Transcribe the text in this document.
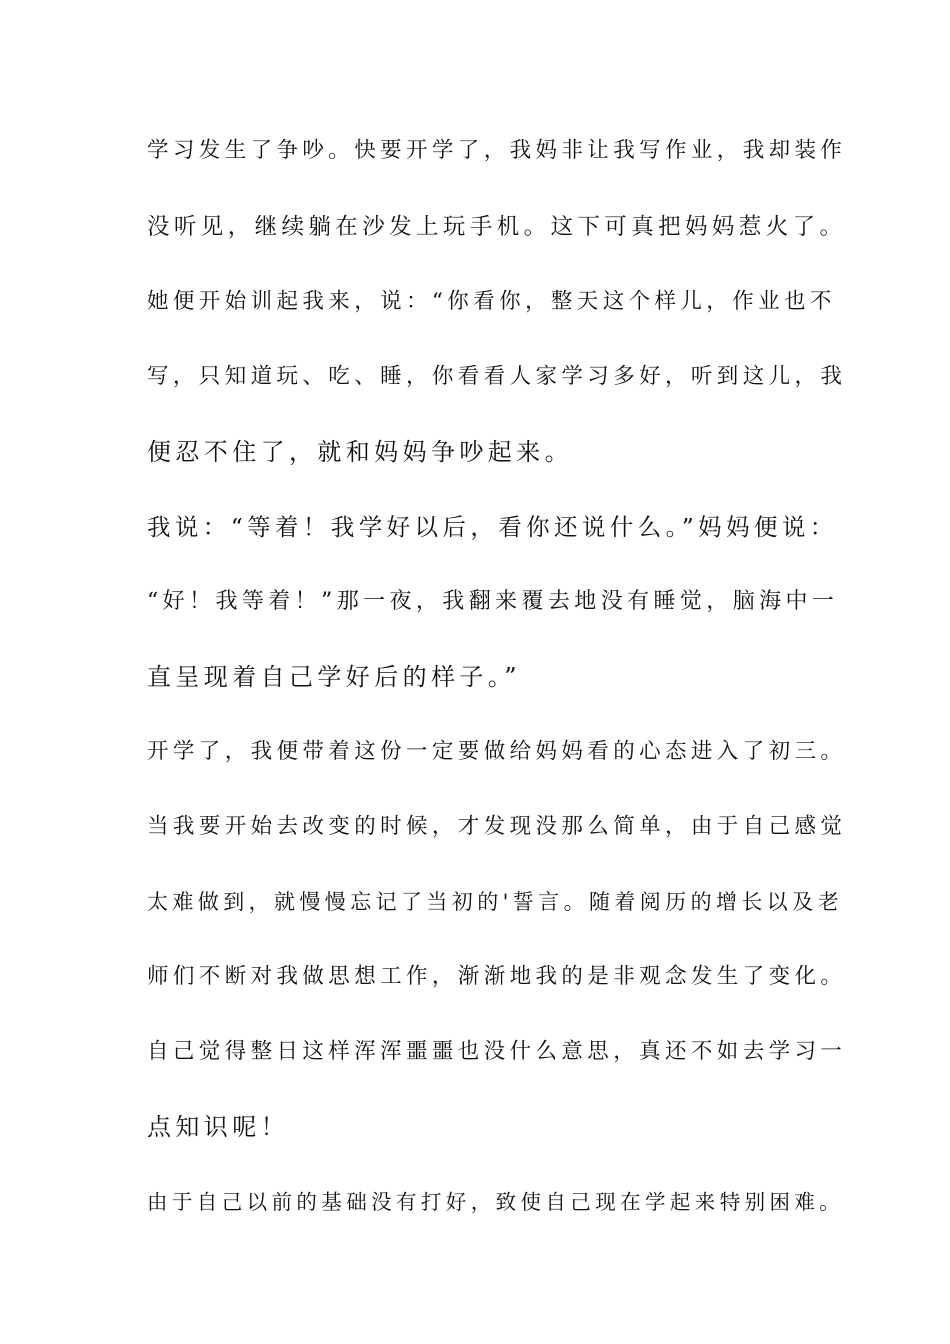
学习发生了争吵。快要开学了，我妈非让我写作业，我却装作
没听见，继续躺在沙发上玩手机。这下可真把妈妈惹火了。
她便开始训起我来，说：“你看你，整天这个样儿，作业也不
写，只知道玩、吃、睡，你看看人家学习多好，听到这儿，我
便忍不住了，就和妈妈争吵起来。
我说：“等着！我学好以后，看你还说什么。”妈妈便说：
“好！我等着！”那一夜，我翻来覆去地没有睡觉，脑海中一
直呈现着自己学好后的样子。”
开学了，我便带着这份一定要做给妈妈看的心态进入了初三。
当我要开始去改变的时候，才发现没那么简单，由于自己感觉
太难做到，就慢慢忘记了当初的'誓言。随着阅历的增长以及老
师们不断对我做思想工作，渐渐地我的是非观念发生了变化。
自己觉得整日这样浑浑噩噩也没什么意思，真还不如去学习一
点知识呢！
由于自己以前的基础没有打好，致使自己现在学起来特别困难。
